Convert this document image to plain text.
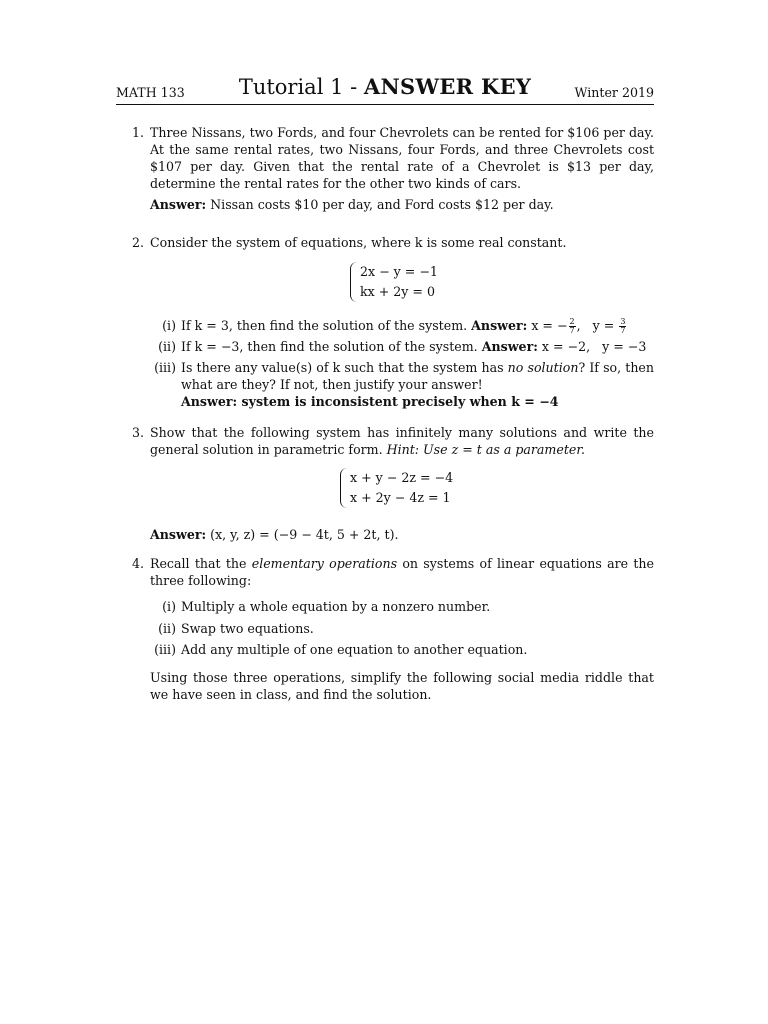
MATH 133	Tutorial 1 - ANSWER KEY	Winter 2019
1. Three Nissans, two Fords, and four Chevrolets can be rented for $106 per day. At the same rental rates, two Nissans, four Fords, and three Chevrolets cost $107 per day. Given that the rental rate of a Chevrolet is $13 per day, determine the rental rates for the other two kinds of cars.
Answer: Nissan costs $10 per day, and Ford costs $12 per day.
2. Consider the system of equations, where k is some real constant.
2x − y = −1
kx + 2y = 0
(i) If k = 3, then find the solution of the system. Answer: x = − $\frac{2}{7}$ ,   $y = \frac{3}{7}$
(ii) If k = −3, then find the solution of the system. Answer: x = −2,   y = −3
(iii) Is there any value(s) of k such that the system has no solution? If so, then what are they? If not, then justify your answer!
Answer: system is inconsistent precisely when k = −4
3. Show that the following system has infinitely many solutions and write the general solution in parametric form. Hint: Use z = t as a parameter.
x + y − 2z = −4
x + 2y − 4z = 1
Answer: (x, y, z) = (−9 − 4t, 5 + 2t, t).
4. Recall that the elementary operations on systems of linear equations are the three following:
(i) Multiply a whole equation by a nonzero number.
(ii) Swap two equations.
(iii) Add any multiple of one equation to another equation.
Using those three operations, simplify the following social media riddle that we have seen in class, and find the solution.
